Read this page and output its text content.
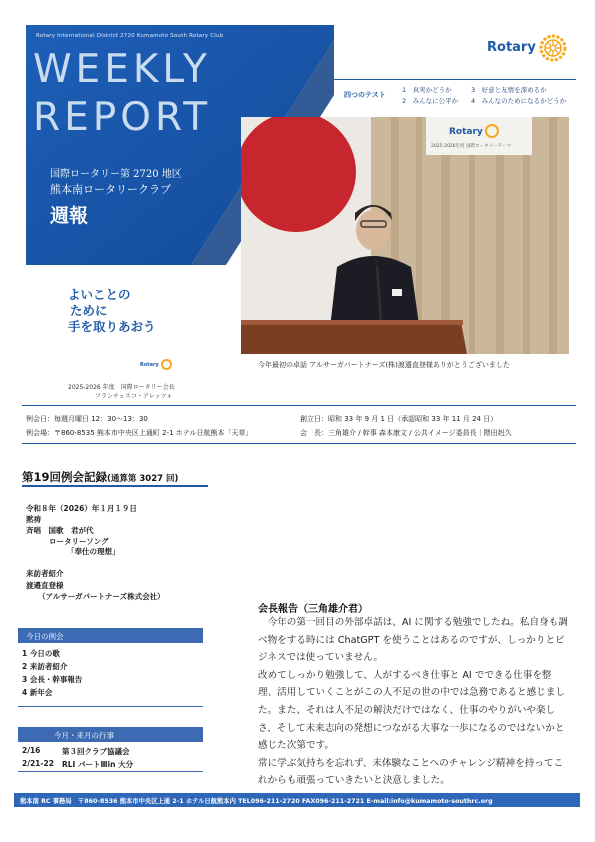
Rotary International District 2720 Kumamoto South Rotary Club
WEEKLY
REPORT
国際ロータリー第 2720 地区
熊本南ロータリークラブ
週報
よいことの
ために
手を取りあおう
Rotary
2025-2026 年度　国際ロータリー会長
フランチェスコ・アレッツォ
Rotary
四つのテスト
1　真実かどうか
2　みんなに公平か
3　好意と友情を深めるか
4　みんなのためになるかどうか
Rotary
2025-2026年度 国際ロータリーテーマ
今年最初の卓話 アルサーガパートナーズ(株)渡邉直登様ありがとうございました
例会日：毎週月曜日 12：30～13：30
例会場：〒860-8535 熊本市中央区上通町 2-1 ホテル日航熊本「天草」
創立日：昭和 33 年 9 月 1 日（承認昭和 33 年 11 月 24 日）
会　長：三角雄介 / 幹事 森本康文 / 公共イメージ委員長｜隈田赳久
第19回例会記録(通算第 3027 回)
令和８年（2026）年１月１９日
黙祷
斉唱　国歌　君が代
ロータリーソング
「奉仕の理想」
来訪者紹介
渡邉直登様
（アルサーガパートナーズ株式会社）
今日の例会
1 今日の歌
2 来訪者紹介
3 会長・幹事報告
4 新年会
今月・来月の行事
2/16	第３回クラブ協議会
2/21-22 RLI パートⅢin 大分
会長報告（三角雄介君）

今年の第一回目の外部卓話は、AI に関する勉強でしたね。私自身も調べ物をする時には ChatGPT を使うことはあるのですが、しっかりとビジネスでは使っていません。

改めてしっかり勉強して、人がするべき仕事と AI でできる仕事を整理、活用していくことがこの人不足の世の中では急務であると感じました。また、それは人不足の解決だけではなく、仕事のやりがいや楽しさ、そして未来志向の発想につながる大事な一歩になるのではないかと感じた次第です。

常に学ぶ気持ちを忘れず、未体験なことへのチャレンジ精神を持ってこれからも頑張っていきたいと決意しました。

熊本南 RC 事務局　〒860-8536 熊本市中央区上通 2-1 ホテル日航熊本内 TEL096-211-2720 FAX096-211-2721 E-mail:info@kumamoto-southrc.org
